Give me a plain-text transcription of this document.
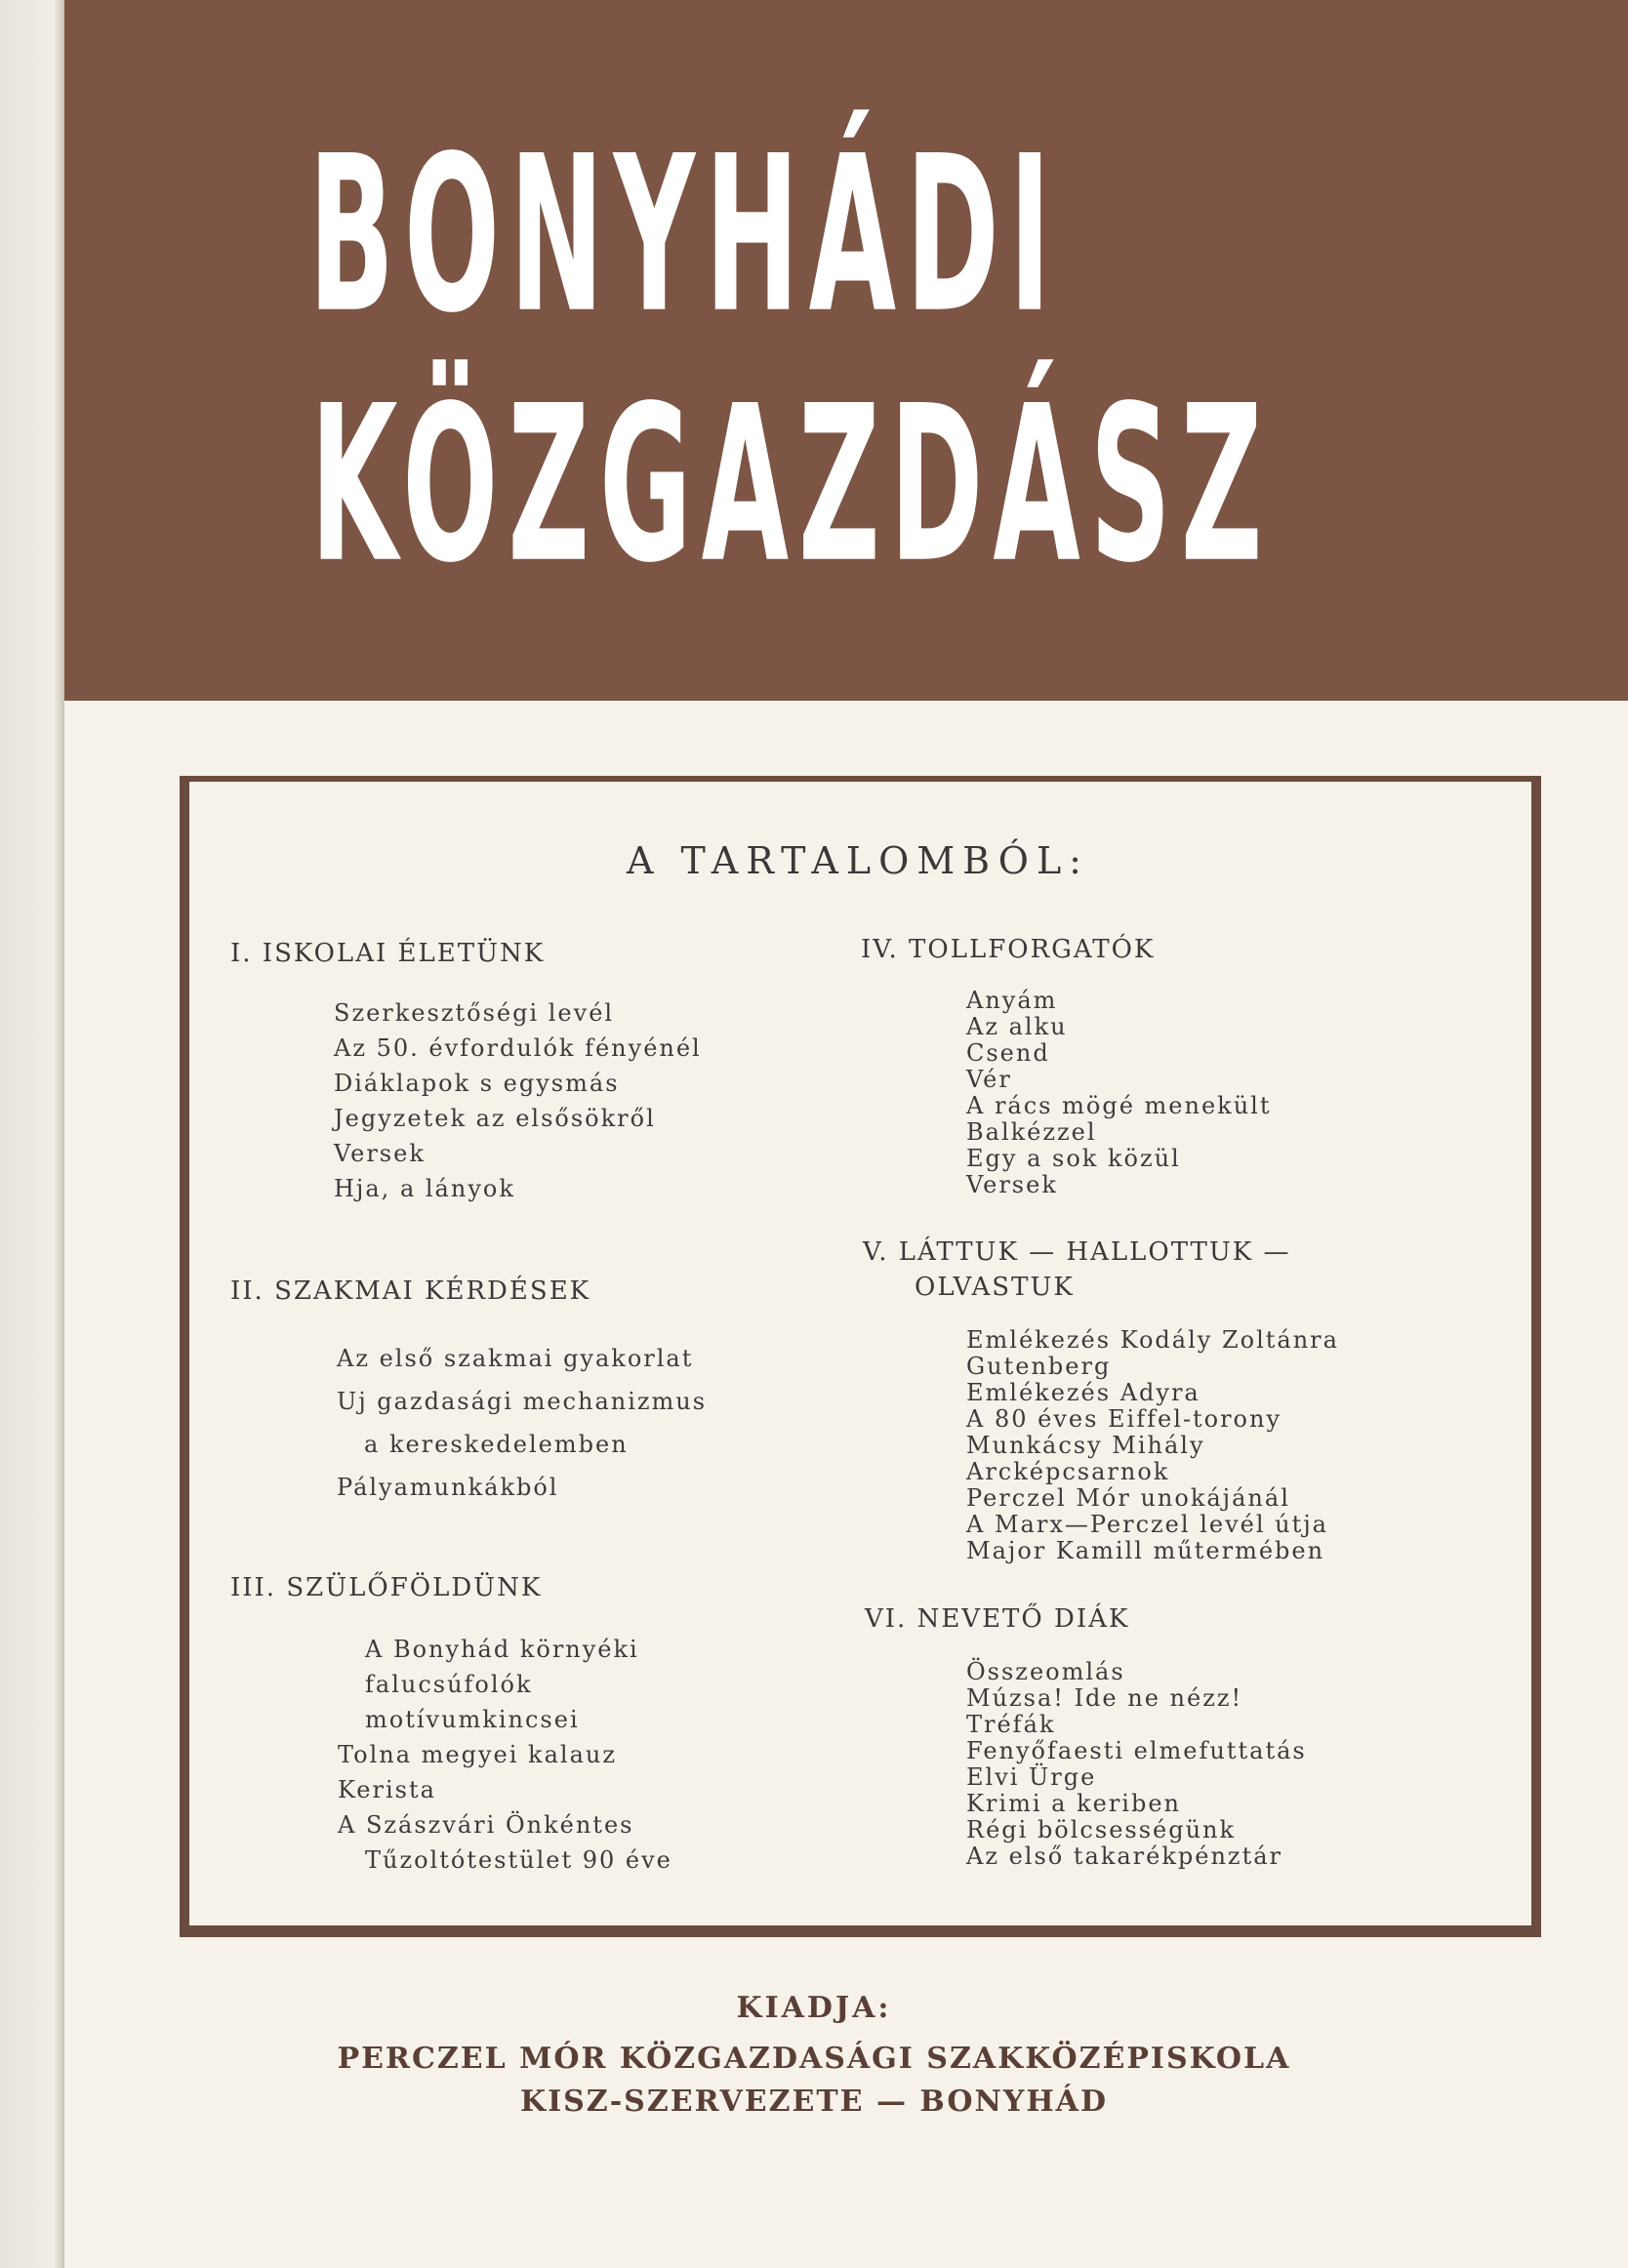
BONYHÁDI
KÖZGAZDÁSZ
A TARTALOMBÓL:
I. ISKOLAI ÉLETÜNK
Szerkesztőségi levél
Az 50. évfordulók fényénél
Diáklapok s egysmás
Jegyzetek az elsősökről
Versek
Hja, a lányok
II. SZAKMAI KÉRDÉSEK
Az első szakmai gyakorlat
Uj gazdasági mechanizmus
a kereskedelemben
Pályamunkákból
III. SZÜLŐFÖLDÜNK
A Bonyhád környéki
falucsúfolók
motívumkincsei
Tolna megyei kalauz
Kerista
A Szászvári Önkéntes
Tűzoltótestület 90 éve
IV. TOLLFORGATÓK
Anyám
Az alku
Csend
Vér
A rács mögé menekült
Balkézzel
Egy a sok közül
Versek
V. LÁTTUK — HALLOTTUK —
OLVASTUK
Emlékezés Kodály Zoltánra
Gutenberg
Emlékezés Adyra
A 80 éves Eiffel-torony
Munkácsy Mihály
Arcképcsarnok
Perczel Mór unokájánál
A Marx—Perczel levél útja
Major Kamill műtermében
VI. NEVETŐ DIÁK
Összeomlás
Múzsa! Ide ne nézz!
Tréfák
Fenyőfaesti elmefuttatás
Elvi Ürge
Krimi a keriben
Régi bölcsességünk
Az első takarékpénztár
KIADJA:
PERCZEL MÓR KÖZGAZDASÁGI SZAKKÖZÉPISKOLA
KISZ-SZERVEZETE — BONYHÁD
